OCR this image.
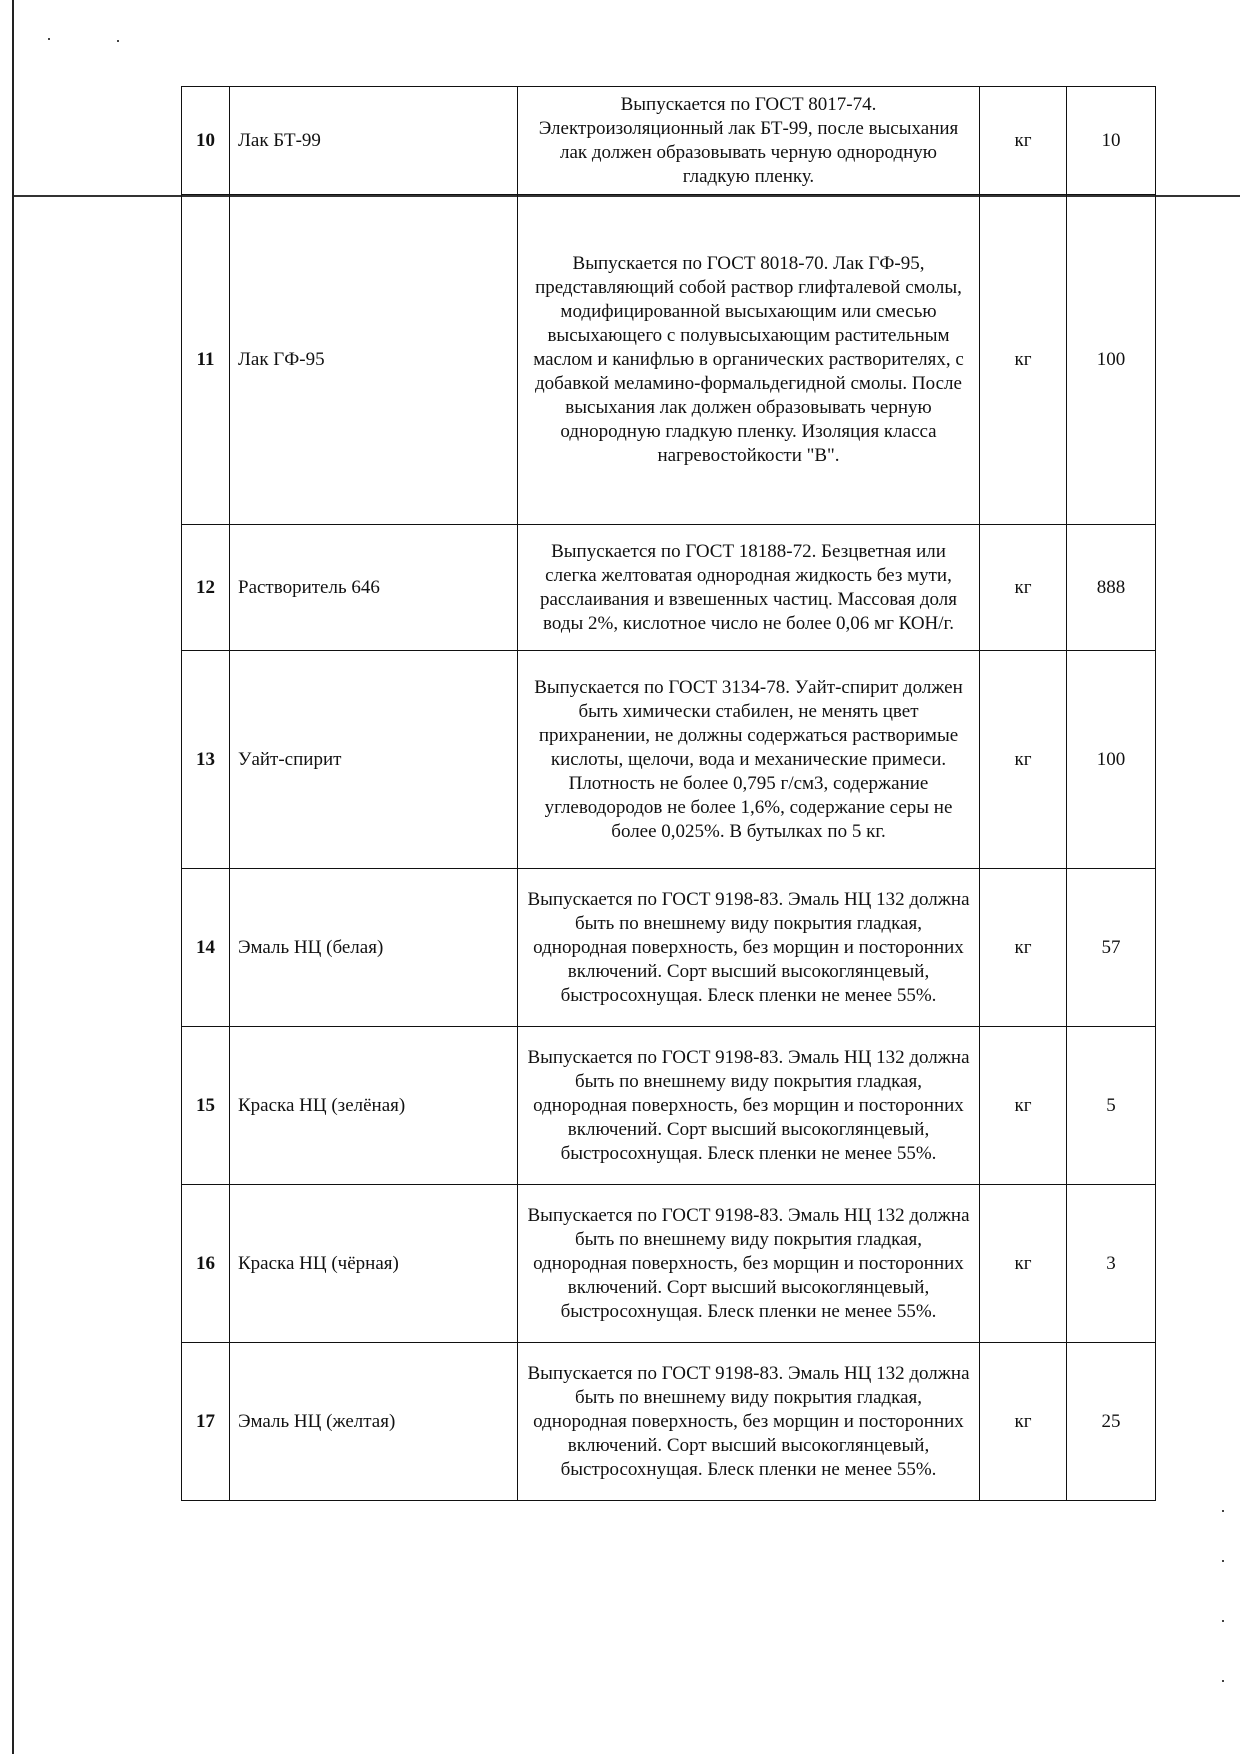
10	Лак БТ-99	Выпускается по ГОСТ 8017-74. Электроизоляционный лак БТ-99, после высыхания лак должен образовывать черную однородную гладкую пленку.	кг	10
11	Лак ГФ-95	Выпускается по ГОСТ 8018-70. Лак ГФ-95, представляющий собой раствор глифталевой смолы, модифицированной высыхающим или смесью высыхающего с полувысыхающим растительным маслом и канифлью в органических растворителях, с добавкой меламино-формальдегидной смолы. После высыхания лак должен образовывать черную однородную гладкую пленку. Изоляция класса нагревостойкости "В".	кг	100
12	Растворитель 646	Выпускается по ГОСТ 18188-72. Безцветная или слегка желтоватая однородная жидкость без мути, расслаивания и взвешенных частиц. Массовая доля воды 2%, кислотное число не более 0,06 мг КОН/г.	кг	888
13	Уайт-спирит	Выпускается по ГОСТ 3134-78. Уайт-спирит должен быть химически стабилен, не менять цвет прихранении, не должны содержаться растворимые кислоты, щелочи, вода и механические примеси. Плотность не более 0,795 г/см3, содержание углеводородов не более 1,6%, содержание серы не более 0,025%. В бутылках по 5 кг.	кг	100
14	Эмаль НЦ (белая)	Выпускается по ГОСТ 9198-83. Эмаль НЦ 132 должна быть по внешнему виду покрытия гладкая, однородная поверхность, без морщин и посторонних включений. Сорт высший высокоглянцевый, быстросохнущая. Блеск пленки не менее 55%.	кг	57
15	Краска НЦ (зелёная)	Выпускается по ГОСТ 9198-83. Эмаль НЦ 132 должна быть по внешнему виду покрытия гладкая, однородная поверхность, без морщин и посторонних включений. Сорт высший высокоглянцевый, быстросохнущая. Блеск пленки не менее 55%.	кг	5
16	Краска НЦ (чёрная)	Выпускается по ГОСТ 9198-83. Эмаль НЦ 132 должна быть по внешнему виду покрытия гладкая, однородная поверхность, без морщин и посторонних включений. Сорт высший высокоглянцевый, быстросохнущая. Блеск пленки не менее 55%.	кг	3
17	Эмаль НЦ (желтая)	Выпускается по ГОСТ 9198-83. Эмаль НЦ 132 должна быть по внешнему виду покрытия гладкая, однородная поверхность, без морщин и посторонних включений. Сорт высший высокоглянцевый, быстросохнущая. Блеск пленки не менее 55%.	кг	25
